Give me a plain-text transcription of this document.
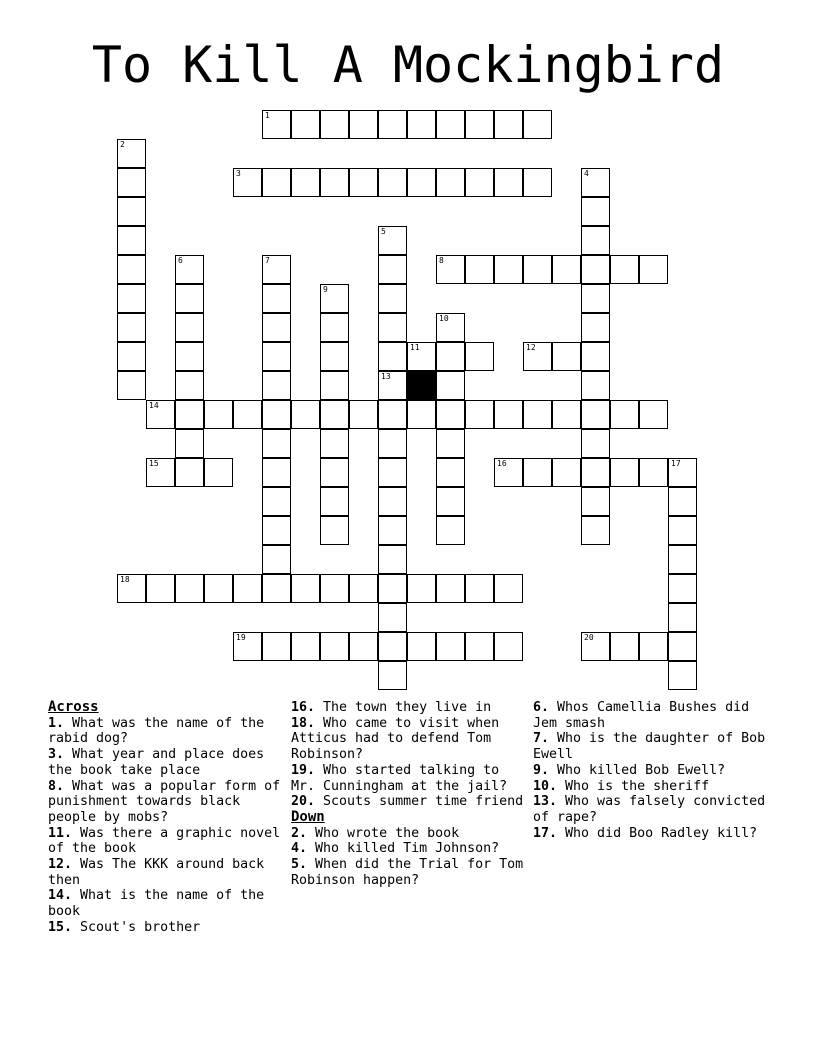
To Kill A Mockingbird
1
3
8
11	12
14
15	16	17
18
19	20
2
4
5
13
6	7
9
10
Across
1. What was the name of the rabid dog?
3. What year and place does the book take place
8. What was a popular form of punishment towards black people by mobs?
11. Was there a graphic novel of the book
12. Was The KKK around back then
14. What is the name of the book
15. Scout's brother
16. The town they live in
18. Who came to visit when Atticus had to defend Tom Robinson?
19. Who started talking to Mr. Cunningham at the jail?
20. Scouts summer time friend
Down
2. Who wrote the book
4. Who killed Tim Johnson?
5. When did the Trial for Tom Robinson happen?
6. Whos Camellia Bushes did Jem smash
7. Who is the daughter of Bob Ewell
9. Who killed Bob Ewell?
10. Who is the sheriff
13. Who was falsely convicted of rape?
17. Who did Boo Radley kill?
